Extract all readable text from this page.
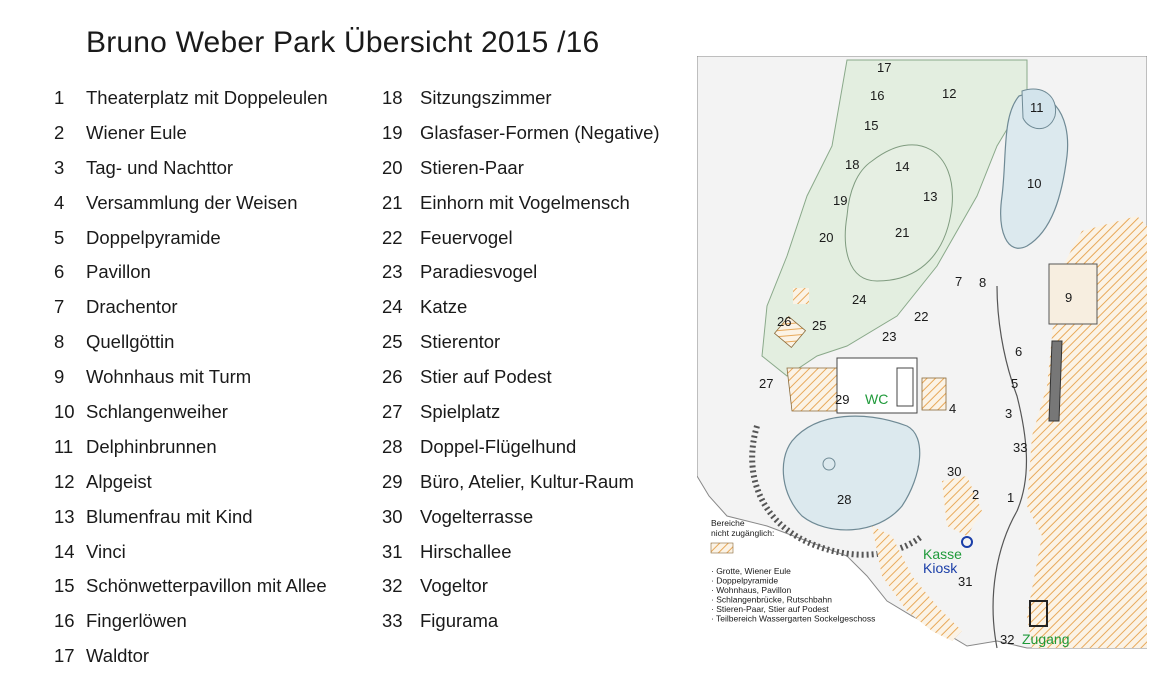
Bruno Weber Park Übersicht 2015 /16
1	Theaterplatz mit Doppeleulen
2	Wiener Eule
3	Tag- und Nachttor
4	Versammlung der Weisen
5	Doppelpyramide
6	Pavillon
7	Drachentor
8	Quellgöttin
9	Wohnhaus mit Turm
10 Schlangenweiher
11 Delphinbrunnen
12 Alpgeist
13 Blumenfrau mit Kind
14 Vinci
15 Schönwetterpavillon mit Allee
16 Fingerlöwen
17 Waldtor
18 Sitzungszimmer
19 Glasfaser-Formen (Negative)
20 Stieren-Paar
21 Einhorn mit Vogelmensch
22 Feuervogel
23 Paradiesvogel
24 Katze
25 Stierentor
26 Stier auf Podest
27 Spielplatz
28 Doppel-Flügelhund
29 Büro, Atelier, Kultur-Raum
30 Vogelterrasse
31 Hirschallee
32 Vogeltor
33 Figurama
1
2
3
4
5
6
7 8
9
10
11
12
13
14
15
16
17
18
19
20	21
22
23
24
25
26
27
28
29
30
31
32
33
WC
Kasse
Kiosk
Zugang
Bereiche
nicht zugänglich:
· Grotte, Wiener Eule
· Doppelpyramide
· Wohnhaus, Pavillon
· Schlangenbrücke, Rutschbahn
· Stieren-Paar, Stier auf Podest
· Teilbereich Wassergarten Sockelgeschoss
